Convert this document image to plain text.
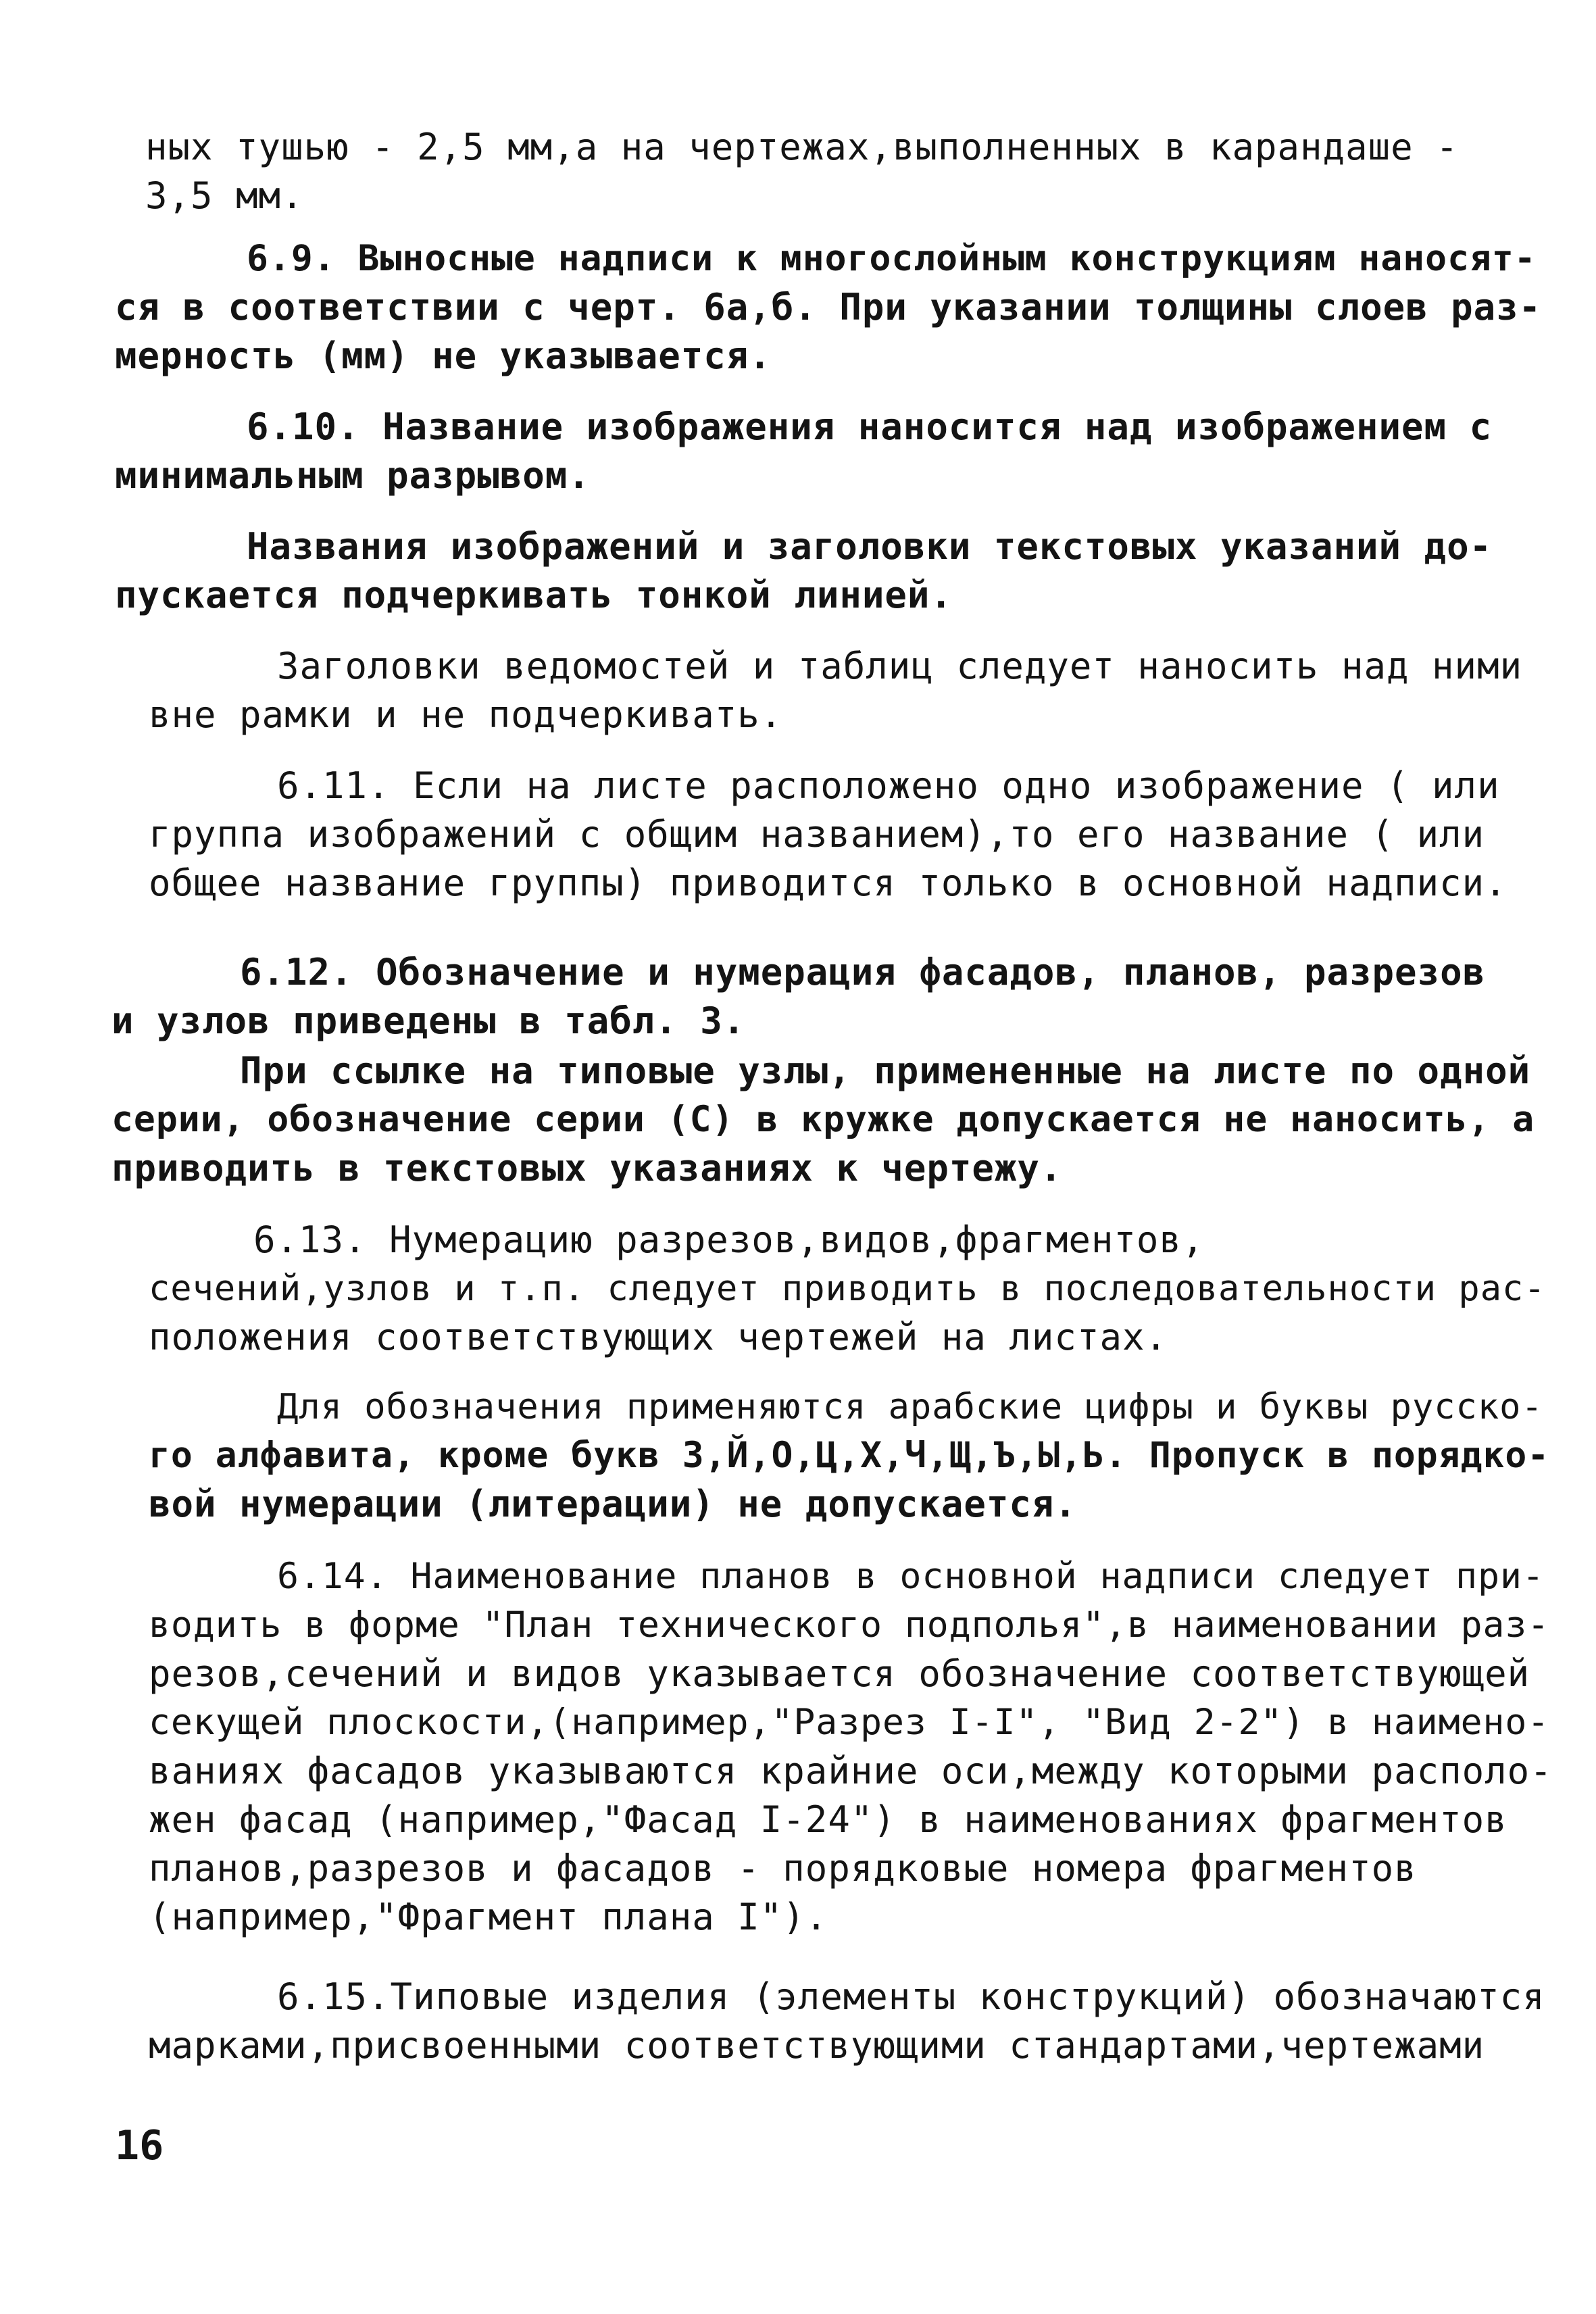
ных тушью - 2,5 мм,а на чертежах,выполненных в карандаше -
3,5 мм.
6.9. Выносные надписи к многослойным конструкциям наносят-
ся в соответствии с черт. 6а,б. При указании толщины слоев раз-
мерность (мм) не указывается.
6.10. Название изображения наносится над изображением с
минимальным разрывом.
Названия изображений и заголовки текстовых указаний до-
пускается подчеркивать тонкой линией.
Заголовки ведомостей и таблиц следует наносить над ними
вне рамки и не подчеркивать.
6.11. Если на листе расположено одно изображение ( или
группа изображений с общим названием),то его название ( или
общее название группы) приводится только в основной надписи.
6.12. Обозначение и нумерация фасадов, планов, разрезов
и узлов приведены в табл. 3.
При ссылке на типовые узлы, примененные на листе по одной
серии, обозначение серии (С) в кружке допускается не наносить, а
приводить в текстовых указаниях к чертежу.
6.13. Нумерацию разрезов,видов,фрагментов,
сечений,узлов и т.п. следует приводить в последовательности рас-
положения соответствующих чертежей на листах.
Для обозначения применяются арабские цифры и буквы русско-
го алфавита, кроме букв З,Й,О,Ц,Х,Ч,Щ,Ъ,Ы,Ь. Пропуск в порядко-
вой нумерации (литерации) не допускается.
6.14. Наименование планов в основной надписи следует при-
водить в форме "План технического подполья",в наименовании раз-
резов,сечений и видов указывается обозначение соответствующей
секущей плоскости,(например,"Разрез I-I", "Вид 2-2") в наимено-
ваниях фасадов указываются крайние оси,между которыми располо-
жен фасад (например,"Фасад I-24") в наименованиях фрагментов
планов,разрезов и фасадов - порядковые номера фрагментов
(например,"Фрагмент плана I").
6.15.Типовые изделия (элементы конструкций) обозначаются
марками,присвоенными соответствующими стандартами,чертежами
16
